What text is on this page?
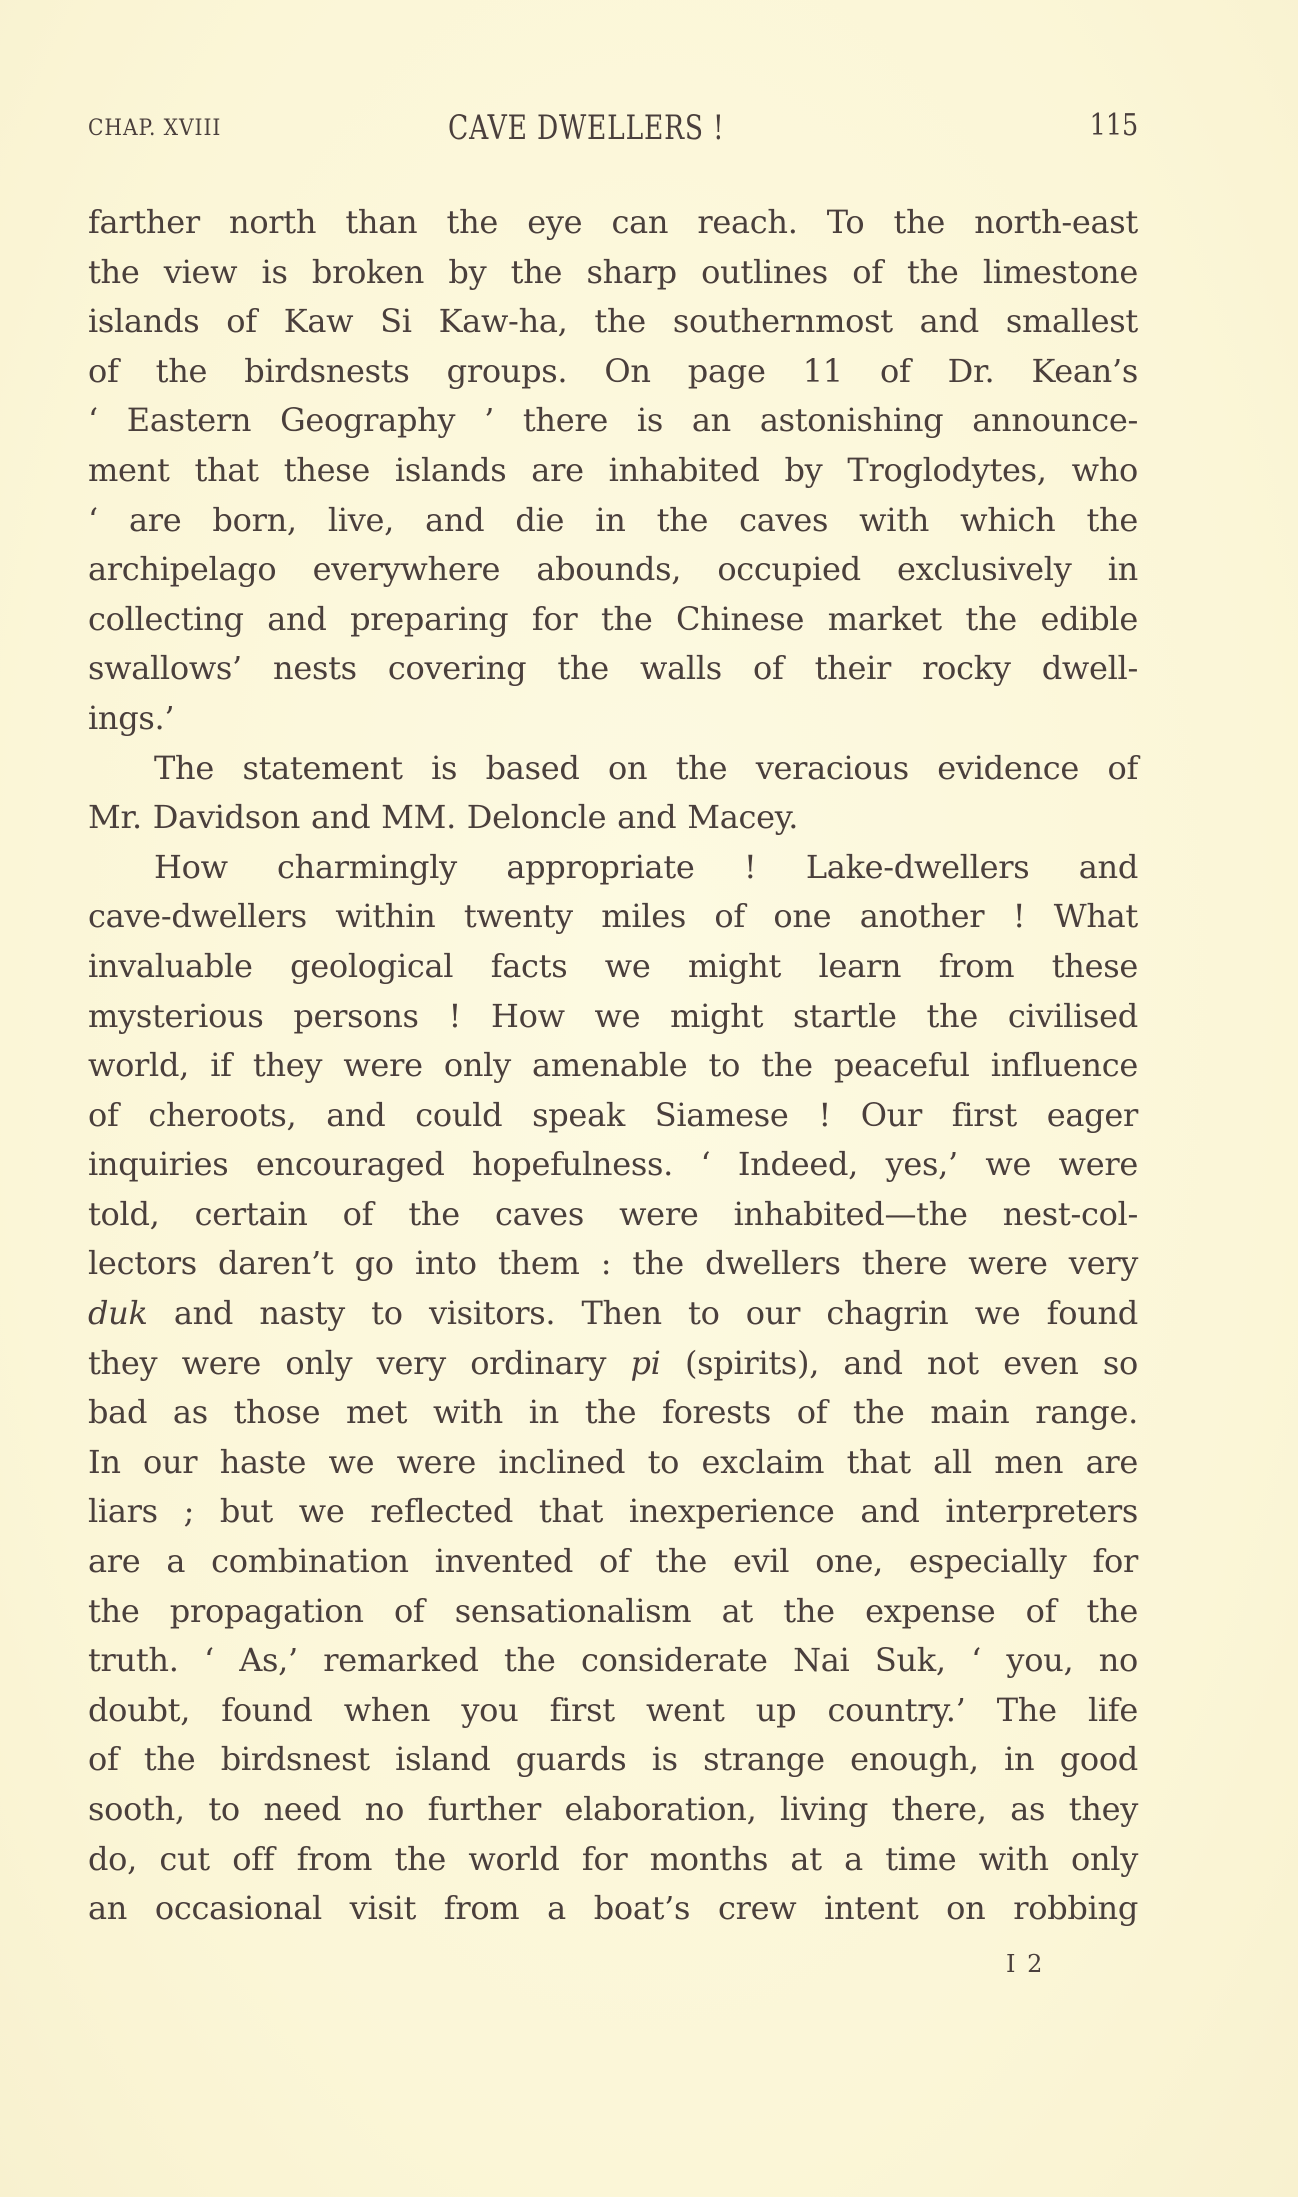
CHAP. XVIII	CAVE DWELLERS !	115
farther north than the eye can reach. To the north-east
the view is broken by the sharp outlines of the limestone
islands of Kaw Si Kaw-ha, the southernmost and smallest
of the birdsnests groups. On page 11 of Dr. Kean’s
‘ Eastern Geography ’ there is an astonishing announce-
ment that these islands are inhabited by Troglodytes, who
‘ are born, live, and die in the caves with which the
archipelago everywhere abounds, occupied exclusively in
collecting and preparing for the Chinese market the edible
swallows’ nests covering the walls of their rocky dwell-
ings.’
The statement is based on the veracious evidence of
Mr. Davidson and MM. Deloncle and Macey.
How charmingly appropriate ! Lake-dwellers and
cave-dwellers within twenty miles of one another ! What
invaluable geological facts we might learn from these
mysterious persons ! How we might startle the civilised
world, if they were only amenable to the peaceful influence
of cheroots, and could speak Siamese ! Our first eager
inquiries encouraged hopefulness. ‘ Indeed, yes,’ we were
told, certain of the caves were inhabited—the nest-col-
lectors daren’t go into them : the dwellers there were very
duk and nasty to visitors. Then to our chagrin we found
they were only very ordinary pi (spirits), and not even so
bad as those met with in the forests of the main range.
In our haste we were inclined to exclaim that all men are
liars ; but we reflected that inexperience and interpreters
are a combination invented of the evil one, especially for
the propagation of sensationalism at the expense of the
truth. ‘ As,’ remarked the considerate Nai Suk, ‘ you, no
doubt, found when you first went up country.’ The life
of the birdsnest island guards is strange enough, in good
sooth, to need no further elaboration, living there, as they
do, cut off from the world for months at a time with only
an occasional visit from a boat’s crew intent on robbing
I 2
